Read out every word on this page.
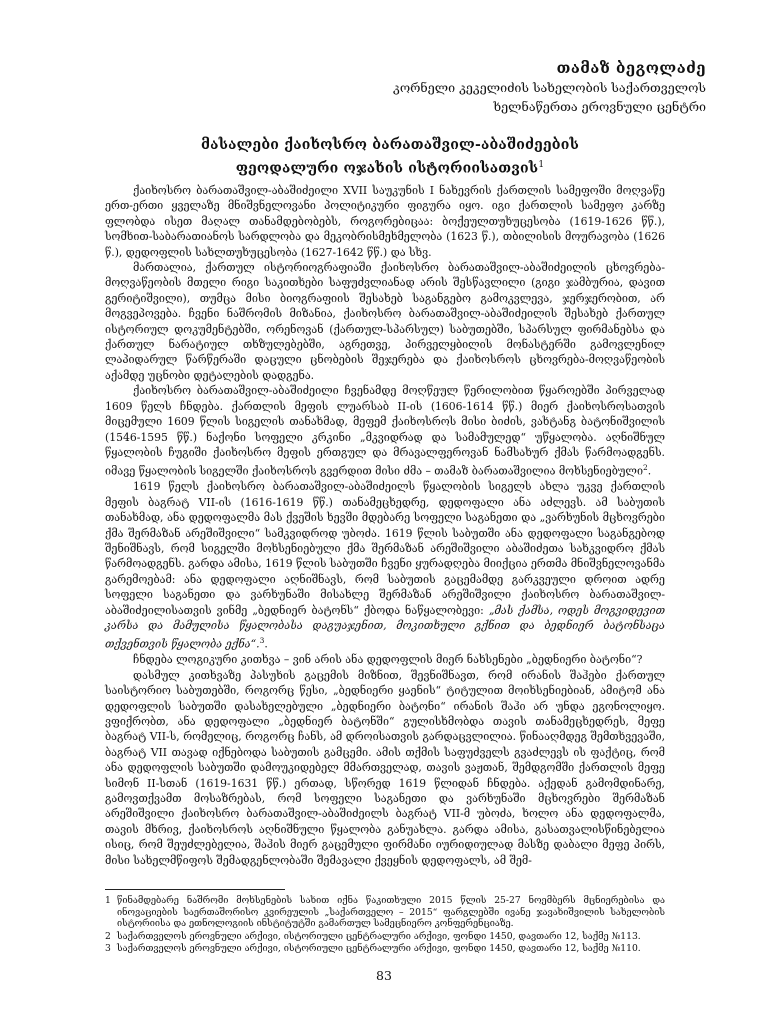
თამაზ ბეგოლაძე
კორნელი კეკელიძის სახელობის საქართველოს
ხელნაწერთა ეროვნული ცენტრი
მასალები ქაიხოსრო ბარათაშვილ-აბაშიძეების
ფეოდალური ოჯახის ისტორიისათვის$^1$

ქაიხოსრო ბარათაშვილ-აბაშიძეილი XVII საუკუნის I ნახევრის ქართლის სამეფოში მოღვაწე ერთ-ერთი ყველაზე მნიშვნელოვანი პოლიტიკური ფიგურა იყო. იგი ქართლის სამეფო კარზე ფლობდა ისეთ მაღალ თანამდებობებს, როგორებიცაა: ბოქეულთუხუცესობა (1619-1626 წწ.), სომხით-საბარათიანოს სარდლობა და მეკობრისმეხმელობა (1623 წ.), თბილისის მოურავობა (1626 წ.), დედოფლის სახლთუხუცესობა (1627-1642 წწ.) და სხვ.

მართალია, ქართულ ისტორიოგრაფიაში ქაიხოსრო ბარათაშვილ-აბაშიძეილის ცხოვრება-მოღვაწეობის მთელი რიგი საკითხები საფუძვლიანად არის შესწავლილი (გიგი ჯამბურია, დავით გერიტიშვილი), თუმცა მისი ბიოგრაფიის შესახებ საგანგებო გამოკვლევა, ჯერჯერობით, არ მოგვეპოვება. ჩვენი ნაშრომის მიზანია, ქაიხოსრო ბარათაშვილ-აბაშიძეილის შესახებ ქართულ ისტორიულ დოკუმენტებში, ორენოვან (ქართულ-სპარსულ) საბუთებში, სპარსულ ფირმანებსა და ქართულ ნარატიულ თხზულებებში, აგრეთვე, პირველყბილის მონასტერში გამოვლენილ ლაპიდარულ წარწერაში დაცული ცნობების შეჯერება და ქაიხოსროს ცხოვრება-მოღვაწეობის აქამდე უცნობი დეტალების დადგენა.

ქაიხოსრო ბარათაშვილ-აბაშიძეილი ჩვენამდე მოღწეულ წერილობით წყაროებში პირველად 1609 წელს ჩნდება. ქართლის მეფის ლუარსაბ II-ის (1606-1614 წწ.) მიერ ქაიხოსროსათვის მიცემული 1609 წლის სიგელის თანახმად, მეფემ ქაიხოსროს მისი ბიძის, ვახტანგ ბატონიშვილის (1546-1595 წწ.) ნაქონი სოფელი კრკინი „მკვიდრად და სამამულედ“ უწყალობა. აღნიშნულ წყალობის ჩუგიში ქაიხოსრო მეფის ერთგულ და მრავალფეროვან ნამსახურ ქმას წარმოადგენს. იმავე წყალობის სიგელში ქაიხოსროს გვერდით მისი ძმა – თამაზ ბარათაშვილია მოხსენიებული$^2$.

1619 წელს ქაიხოსრო ბარათაშვილ-აბაშიძეილს წყალობის სიგელს ახლა უკვე ქართლის მეფის ბაგრატ VII-ის (1616-1619 წწ.) თანამეცხედრე, დედოფალი ანა აძლევს. ამ საბუთის თანახმად, ანა დედოფალმა მას ქვეშის ხევში მდებარე სოფელი საგანეთი და „ვარხუნის მცხოვრები ქმა შერმაზან არეშიშვილი“ სამკვიდროდ უბოძა. 1619 წლის საბუთში ანა დედოფალი საგანგებოდ შენიშნავს, რომ სიგელში მოხსენიებული ქმა შერმაზან არეშიშვილი აბაშიძეთა სახკვიდრო ქმას წარმოადგენს. გარდა ამისა, 1619 წლის საბუთში ჩვენი ყურადღება მიიქცია ერთმა მნიშვნელოვანმა გარემოებამ: ანა დედოფალი აღნიშნავს, რომ საბუთის გაცემამდე გარკვეული დროით ადრე სოფელი საგანეთი და ვარხუნაში მისახლე შერმაზან არეშიშვილი ქაიხოსრო ბარათაშვილ-აბაშიძეილისათვის ვინმე „ბედნიერ ბატონს“ ქბოდა ნაწყალობევი: „მას ქამსა, ოდეს მოგვიდევით კარსა და მამულისა წყალობასა დაგუაჯენით, მოკითხული გქნით და ბედნიერ ბატონსაცა თქვენთვის წყალობა ექნა“.$^3$.

ჩნდება ლოგიკური კითხვა – ვინ არის ანა დედოფლის მიერ ნახსენები „ბედნიერი ბატონი“?

დასმულ კითხვაზე პასუხის გაცემის მიზნით, შევნიშნავთ, რომ ირანის შაჰები ქართულ საისტორიო საბუთებში, როგორც წესი, „ბედნიერი ყაენის“ ტიტულით მოიხსენიებიან, ამიტომ ანა დედოფლის საბუთში დასახელებული „ბედნიერი ბატონი“ ირანის შაჰი არ უნდა ეგონოლიყო. ვფიქრობთ, ანა დედოფალი „ბედნიერ ბატონში“ გულისხმობდა თავის თანამეცხედრეს, მეფე ბაგრატ VII-ს, რომელიც, როგორც ჩანს, ამ დროისათვის გარდაცვლილია. წინააღმდეგ შემთხვევაში, ბაგრატ VII თავად იქნებოდა საბუთის გამცემი. ამის თქმის საფუძველს გვაძლევს ის ფაქტიც, რომ ანა დედოფლის საბუთში დამოუკიდებელ მმართველად, თავის ვაჟთან, შემდგომში ქართლის მეფე სიმონ II-სთან (1619-1631 წწ.) ერთად, სწორედ 1619 წლიდან ჩნდება. აქედან გამომდინარე, გამოვთქვამთ მოსაზრებას, რომ სოფელი საგანეთი და ვარხუნაში მცხოვრები შერმაზან არეშიშვილი ქაიხოსრო ბარათაშვილ-აბაშიძეილს ბაგრატ VII-მ უბოძა, ხოლო ანა დედოფალმა, თავის მხრივ, ქაიხოსროს აღნიშნული წყალობა განუახლა. გარდა ამისა, გასათვალისწინებელია ისიც, რომ შეუძლებელია, შაჰის მიერ გაცემული ფირმანი იურიდიულად მასზე დაბალი მეფე პირს, მისი სახელმწიფოს შემადგენლობაში შემავალი ქვეყნის დედოფალს, ამ შემ-

1 წინამდებარე ნაშრომი მოხსენების სახით იქნა წაკითხული 2015 წლის 25-27 ნოემბერს მცნიერებისა და ინოვაციების საერთაშორისო კვირეულის „საქართველო – 2015“ ფარგლებში ივანე ჯავახიშვილის სახელობის ისტორიისა და ეთნოლოგიის ინსტიტუტში გამართულ სამეცნიერო კონფერენციაზე.

2 საქართველოს ეროვნული არქივი, ისტორიული ცენტრალური არქივი, ფონდი 1450, დავთარი 12, საქმე №113.

3 საქართველოს ეროვნული არქივი, ისტორიული ცენტრალური არქივი, ფონდი 1450, დავთარი 12, საქმე №110.

83
